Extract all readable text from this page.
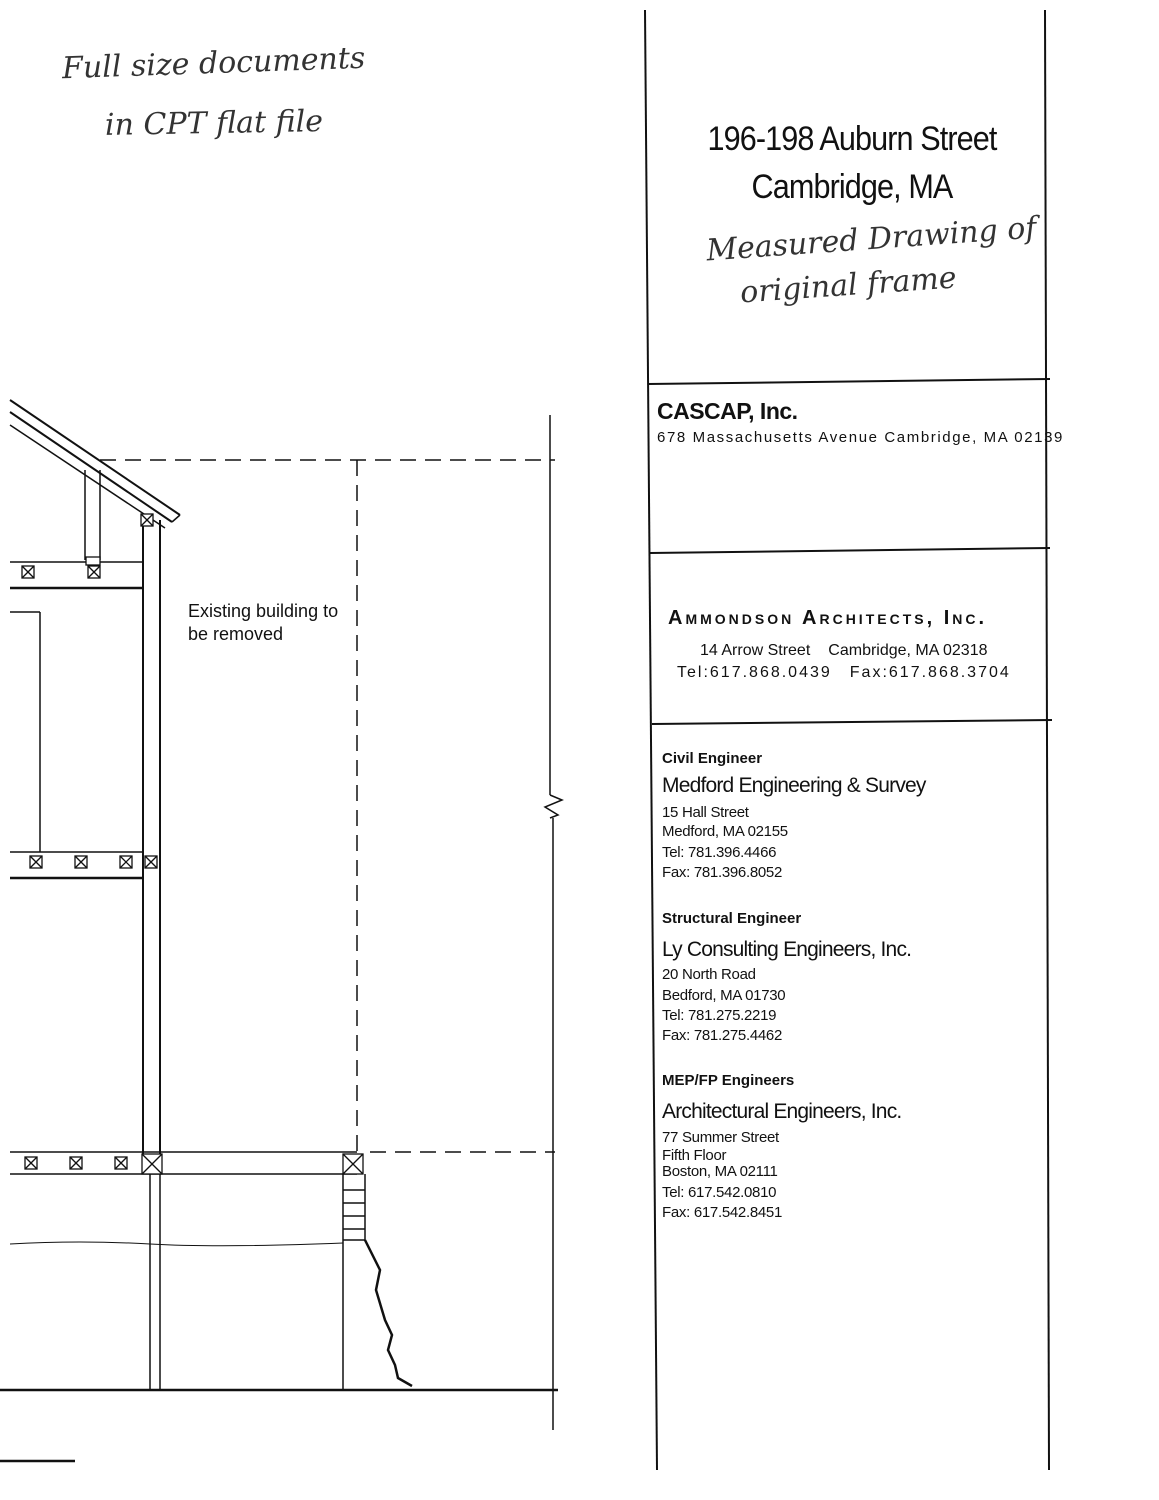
Full size documents
in CPT flat file
Existing building to
be removed
196-198 Auburn Street
Cambridge, MA
Measured Drawing of
original frame
CASCAP, Inc.
678 Massachusetts Avenue Cambridge, MA 02139
Ammondson Architects, Inc.
14 Arrow Street Cambridge, MA 02318
Tel:617.868.0439 Fax:617.868.3704
Civil Engineer
Medford Engineering & Survey
15 Hall Street
Medford, MA 02155
Tel: 781.396.4466
Fax: 781.396.8052
Structural Engineer
Ly Consulting Engineers, Inc.
20 North Road
Bedford, MA 01730
Tel: 781.275.2219
Fax: 781.275.4462
MEP/FP Engineers
Architectural Engineers, Inc.
77 Summer Street
Fifth Floor
Boston, MA 02111
Tel: 617.542.0810
Fax: 617.542.8451
